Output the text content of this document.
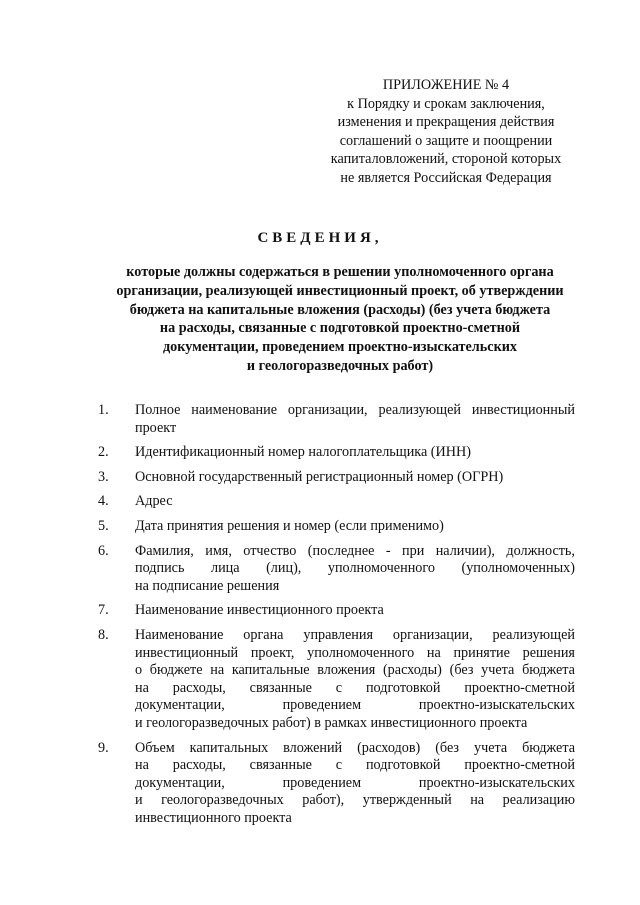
ПРИЛОЖЕНИЕ № 4
к Порядку и срокам заключения,
изменения и прекращения действия
соглашений о защите и поощрении
капиталовложений, стороной которых
не является Российская Федерация
СВЕДЕНИЯ,
которые должны содержаться в решении уполномоченного органа
организации, реализующей инвестиционный проект, об утверждении
бюджета на капитальные вложения (расходы) (без учета бюджета
на расходы, связанные с подготовкой проектно-сметной
документации, проведением проектно-изыскательских
и геологоразведочных работ)
1.	Полное наименование организации, реализующей инвестиционный
проект
2.	Идентификационный номер налогоплательщика (ИНН)
3.	Основной государственный регистрационный номер (ОГРН)
4.	Адрес
5.	Дата принятия решения и номер (если применимо)
6.	Фамилия, имя, отчество (последнее - при наличии), должность,
подпись лица (лиц), уполномоченного (уполномоченных)
на подписание решения
7.	Наименование инвестиционного проекта
8.	Наименование органа управления организации, реализующей
инвестиционный проект, уполномоченного на принятие решения
о бюджете на капитальные вложения (расходы) (без учета бюджета
на расходы, связанные с подготовкой проектно-сметной
документации,	проведением	проектно-изыскательских
и геологоразведочных работ) в рамках инвестиционного проекта
9.	Объем капитальных вложений (расходов) (без учета бюджета
на расходы, связанные с подготовкой проектно-сметной
документации,	проведением	проектно-изыскательских
и геологоразведочных работ), утвержденный на реализацию
инвестиционного проекта
